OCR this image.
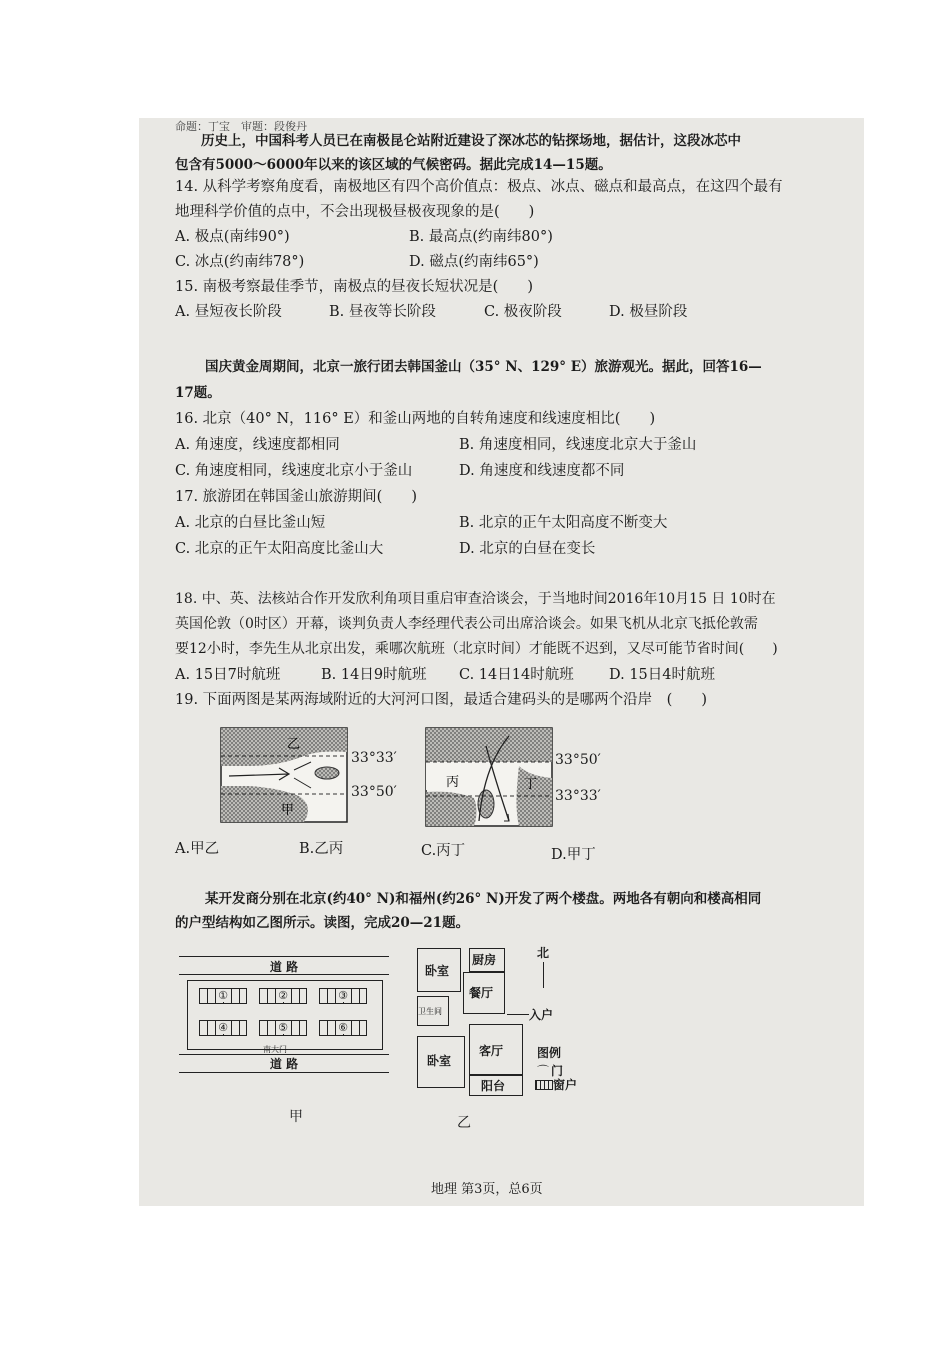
命题：丁宝　审题：段俊丹
历史上，中国科考人员已在南极昆仑站附近建设了深冰芯的钻探场地，据估计，这段冰芯中
包含有5000～6000年以来的该区域的气候密码。据此完成14—15题。
14. 从科学考察角度看，南极地区有四个高价值点：极点、冰点、磁点和最高点，在这四个最有
地理科学价值的点中，不会出现极昼极夜现象的是(　　)
A. 极点(南纬90°)	B. 最高点(约南纬80°)
C. 冰点(约南纬78°)	D. 磁点(约南纬65°)
15. 南极考察最佳季节，南极点的昼夜长短状况是(　　)
A. 昼短夜长阶段	B. 昼夜等长阶段	C. 极夜阶段	D. 极昼阶段
国庆黄金周期间，北京一旅行团去韩国釜山（35° N、129° E）旅游观光。据此，回答16—
17题。
16. 北京（40° N，116° E）和釜山两地的自转角速度和线速度相比(　　)
A. 角速度，线速度都相同	B. 角速度相同，线速度北京大于釜山
C. 角速度相同，线速度北京小于釜山	D. 角速度和线速度都不同
17. 旅游团在韩国釜山旅游期间(　　)
A. 北京的白昼比釜山短	B. 北京的正午太阳高度不断变大
C. 北京的正午太阳高度比釜山大	D. 北京的白昼在变长
18. 中、英、法核站合作开发欣利角项目重启审查洽谈会，于当地时间2016年10月15 日 10时在
英国伦敦（0时区）开幕，谈判负责人李经理代表公司出席洽谈会。如果飞机从北京飞抵伦敦需
要12小时，李先生从北京出发，乘哪次航班（北京时间）才能既不迟到，又尽可能节省时间(　　)
A. 15日7时航班	B. 14日9时航班 C. 14日14时航班 D. 15日4时航班
19. 下面两图是某两海域附近的大河河口图，最适合建码头的是哪两个沿岸　(　　)
乙
甲
33°33′
33°50′
丙	丁
33°50′
33°33′
A.甲乙	B.乙丙	C.丙丁	D.甲丁
某开发商分别在北京(约40° N)和福州(约26° N)开发了两个楼盘。两地各有朝向和楼高相同
的户型结构如乙图所示。读图，完成20—21题。
道 路
①	②	③
④	⑤	⑥
南大门
道 路
甲
卧室
厨房
餐厅
卫生间
卧室
客厅
阳台
入户
北
图例
⌒ 门
窗户
乙
地理 第3页，总6页
